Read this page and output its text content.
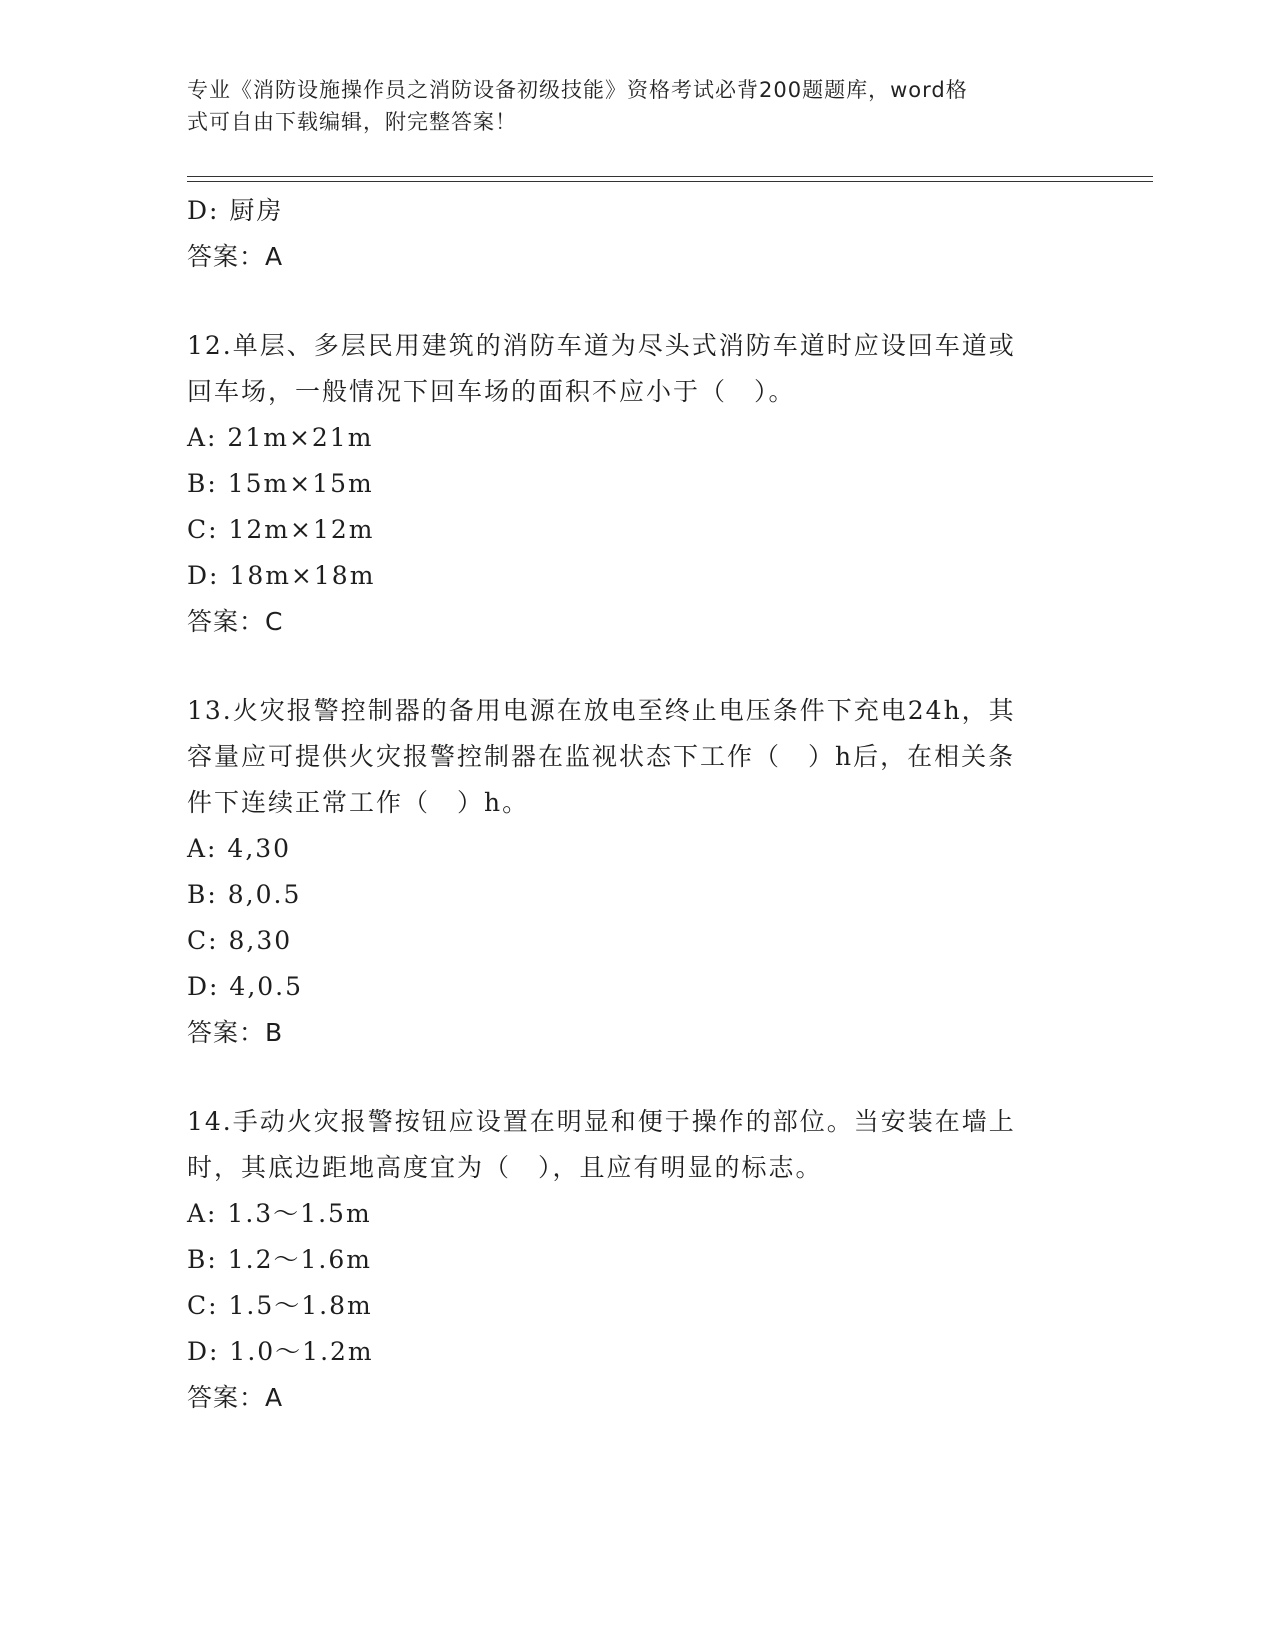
专业《消防设施操作员之消防设备初级技能》资格考试必背200题题库，word格
式可自由下载编辑，附完整答案！
D: 厨房
答案：A
12.单层、多层民用建筑的消防车道为尽头式消防车道时应设回车道或
回车场，一般情况下回车场的面积不应小于（　）。
A: 21m×21m
B: 15m×15m
C: 12m×12m
D: 18m×18m
答案：C
13.火灾报警控制器的备用电源在放电至终止电压条件下充电24h，其
容量应可提供火灾报警控制器在监视状态下工作（　）h后，在相关条
件下连续正常工作（　）h。
A: 4,30
B: 8,0.5
C: 8,30
D: 4,0.5
答案：B
14.手动火灾报警按钮应设置在明显和便于操作的部位。当安装在墙上
时，其底边距地高度宜为（　），且应有明显的标志。
A: 1.3～1.5m
B: 1.2～1.6m
C: 1.5～1.8m
D: 1.0～1.2m
答案：A
